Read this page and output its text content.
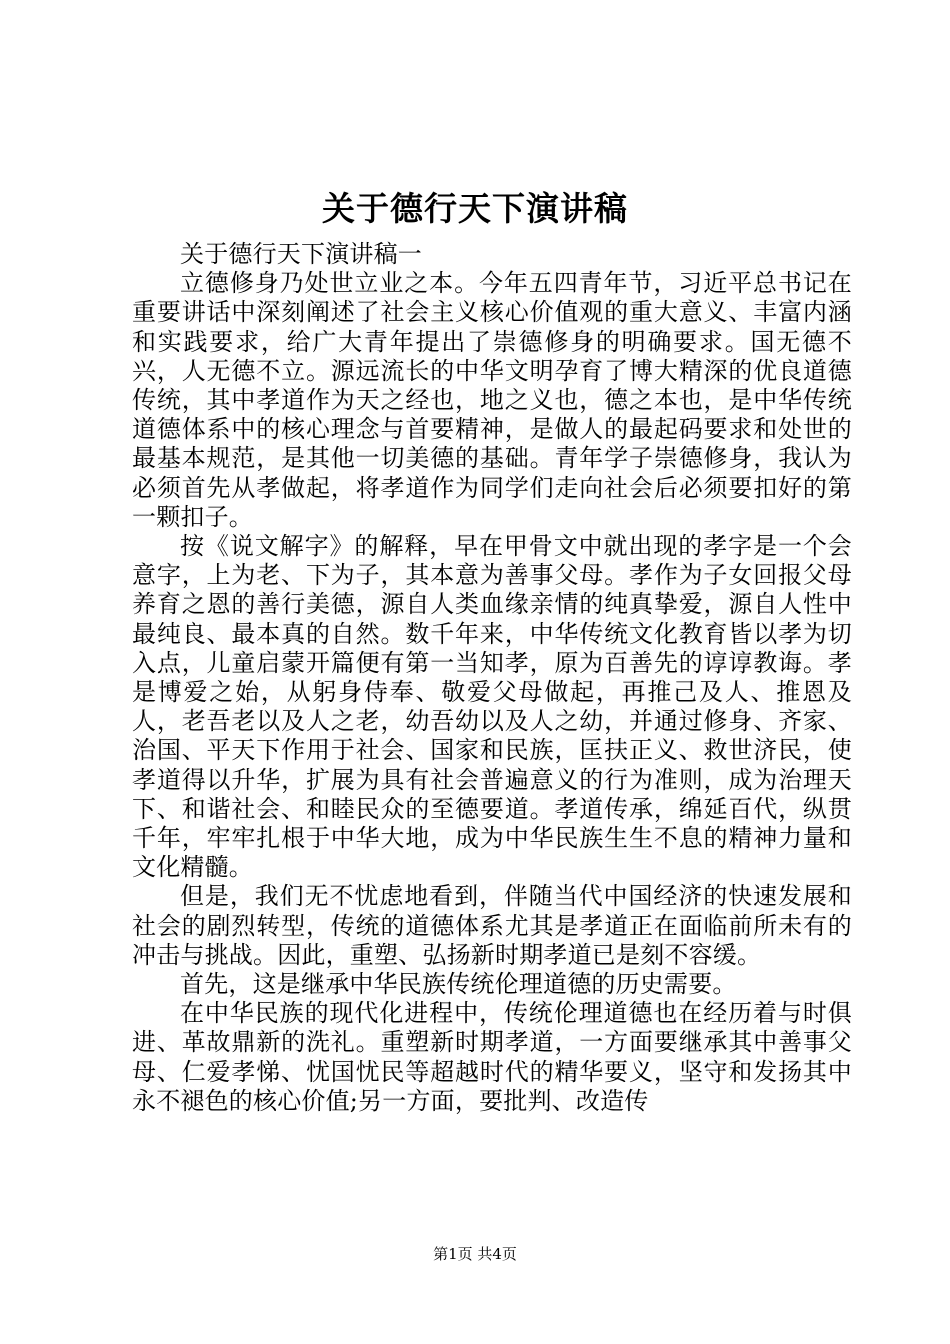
关于德行天下演讲稿

关于德行天下演讲稿一

立德修身乃处世立业之本。今年五四青年节，习近平总书记在重要讲话中深刻阐述了社会主义核心价值观的重大意义、丰富内涵和实践要求，给广大青年提出了崇德修身的明确要求。国无德不兴，人无德不立。源远流长的中华文明孕育了博大精深的优良道德传统，其中孝道作为天之经也，地之义也，德之本也，是中华传统道德体系中的核心理念与首要精神，是做人的最起码要求和处世的最基本规范，是其他一切美德的基础。青年学子崇德修身，我认为必须首先从孝做起，将孝道作为同学们走向社会后必须要扣好的第一颗扣子。

按《说文解字》的解释，早在甲骨文中就出现的孝字是一个会意字，上为老、下为子，其本意为善事父母。孝作为子女回报父母养育之恩的善行美德，源自人类血缘亲情的纯真挚爱，源自人性中最纯良、最本真的自然。数千年来，中华传统文化教育皆以孝为切入点，儿童启蒙开篇便有第一当知孝，原为百善先的谆谆教诲。孝是博爱之始，从躬身侍奉、敬爱父母做起，再推己及人、推恩及人，老吾老以及人之老，幼吾幼以及人之幼，并通过修身、齐家、治国、平天下作用于社会、国家和民族，匡扶正义、救世济民，使孝道得以升华，扩展为具有社会普遍意义的行为准则，成为治理天下、和谐社会、和睦民众的至德要道。孝道传承，绵延百代，纵贯千年，牢牢扎根于中华大地，成为中华民族生生不息的精神力量和文化精髓。

但是，我们无不忧虑地看到，伴随当代中国经济的快速发展和社会的剧烈转型，传统的道德体系尤其是孝道正在面临前所未有的冲击与挑战。因此，重塑、弘扬新时期孝道已是刻不容缓。

首先，这是继承中华民族传统伦理道德的历史需要。

在中华民族的现代化进程中，传统伦理道德也在经历着与时俱进、革故鼎新的洗礼。重塑新时期孝道，一方面要继承其中善事父母、仁爱孝悌、忧国忧民等超越时代的精华要义，坚守和发扬其中永不褪色的核心价值;另一方面，要批判、改造传

第1页 共4页
